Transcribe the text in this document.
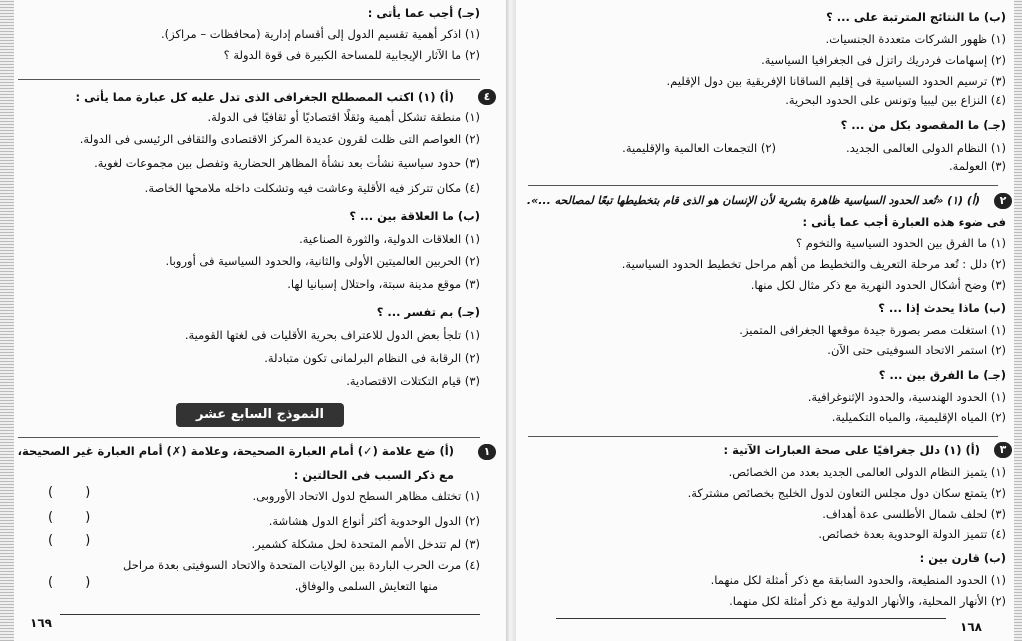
(جـ) أجب عما يأتى :
(١) اذكر أهمية تقسيم الدول إلى أقسام إدارية (محافظات – مراكز).
(٢) ما الآثار الإيجابية للمساحة الكبيرة فى قوة الدولة ؟
٤
(أ) (١) اكتب المصطلح الجغرافى الذى تدل عليه كل عبارة مما يأتى :
(١) منطقة تشكل أهمية وثقلًا اقتصاديًا أو ثقافيًا فى الدولة.
(٢) العواصم التى ظلت لقرون عديدة المركز الاقتصادى والثقافى الرئيسى فى الدولة.
(٣) حدود سياسية نشأت بعد نشأة المظاهر الحضارية وتفصل بين مجموعات لغوية.
(٤) مكان تتركز فيه الأقلية وعاشت فيه وتشكلت داخله ملامحها الخاصة.
(ب) ما العلاقة بين ... ؟
(١) العلاقات الدولية، والثورة الصناعية.
(٢) الحربين العالميتين الأولى والثانية، والحدود السياسية فى أوروبا.
(٣) موقع مدينة سبتة، واحتلال إسبانيا لها.
(جـ) بم تفسر ... ؟
(١) تلجأ بعض الدول للاعتراف بحرية الأقليات فى لغتها القومية.
(٢) الرقابة فى النظام البرلمانى تكون متبادلة.
(٣) قيام التكتلات الاقتصادية.
النموذج السابع عشر
١
(أ) ضع علامة (✓) أمام العبارة الصحيحة، وعلامة (✗) أمام العبارة غير الصحيحة،
مع ذكر السبب فى الحالتين :
(١) تختلف مظاهر السطح لدول الاتحاد الأوروبى.
(٢) الدول الوحدوية أكثر أنواع الدول هشاشة.
(٣) لم تتدخل الأمم المتحدة لحل مشكلة كشمير.
(٤) مرت الحرب الباردة بين الولايات المتحدة والاتحاد السوفيتى بعدة مراحل
منها التعايش السلمى والوفاق.
( )
( )
( )
( )
١٦٩
(ب) ما النتائج المترتبة على ... ؟
(١) ظهور الشركات متعددة الجنسيات.
(٢) إسهامات فردريك راتزل فى الجغرافيا السياسية.
(٣) ترسيم الحدود السياسية فى إقليم الساقانا الإفريقية بين دول الإقليم.
(٤) النزاع بين ليبيا وتونس على الحدود البحرية.
(جـ) ما المقصود بكل من ... ؟
(١) النظام الدولى العالمى الجديد.
(٢) التجمعات العالمية والإقليمية.
(٣) العولمة.
٢
(أ) (١) «تُعد الحدود السياسية ظاهرة بشرية لأن الإنسان هو الذى قام بتخطيطها تبعًا لمصالحه ...».
فى ضوء هذه العبارة أجب عما يأتى :
(١) ما الفرق بين الحدود السياسية والتخوم ؟
(٢) دلل : تُعد مرحلة التعريف والتخطيط من أهم مراحل تخطيط الحدود السياسية.
(٣) وضح أشكال الحدود النهرية مع ذكر مثال لكل منها.
(ب) ماذا يحدث إذا ... ؟
(١) استغلت مصر بصورة جيدة موقعها الجغرافى المتميز.
(٢) استمر الاتحاد السوفيتى حتى الآن.
(جـ) ما الفرق بين ... ؟
(١) الحدود الهندسية، والحدود الإثنوغرافية.
(٢) المياه الإقليمية، والمياه التكميلية.
٣
(أ) (١) دلل جغرافيًا على صحة العبارات الآتية :
(١) يتميز النظام الدولى العالمى الجديد بعدد من الخصائص.
(٢) يتمتع سكان دول مجلس التعاون لدول الخليج بخصائص مشتركة.
(٣) لحلف شمال الأطلسى عدة أهداف.
(٤) تتميز الدولة الوحدوية بعدة خصائص.
(ب) قارن بين :
(١) الحدود المنطيعة، والحدود السابقة مع ذكر أمثلة لكل منهما.
(٢) الأنهار المحلية، والأنهار الدولية مع ذكر أمثلة لكل منهما.
١٦٨
